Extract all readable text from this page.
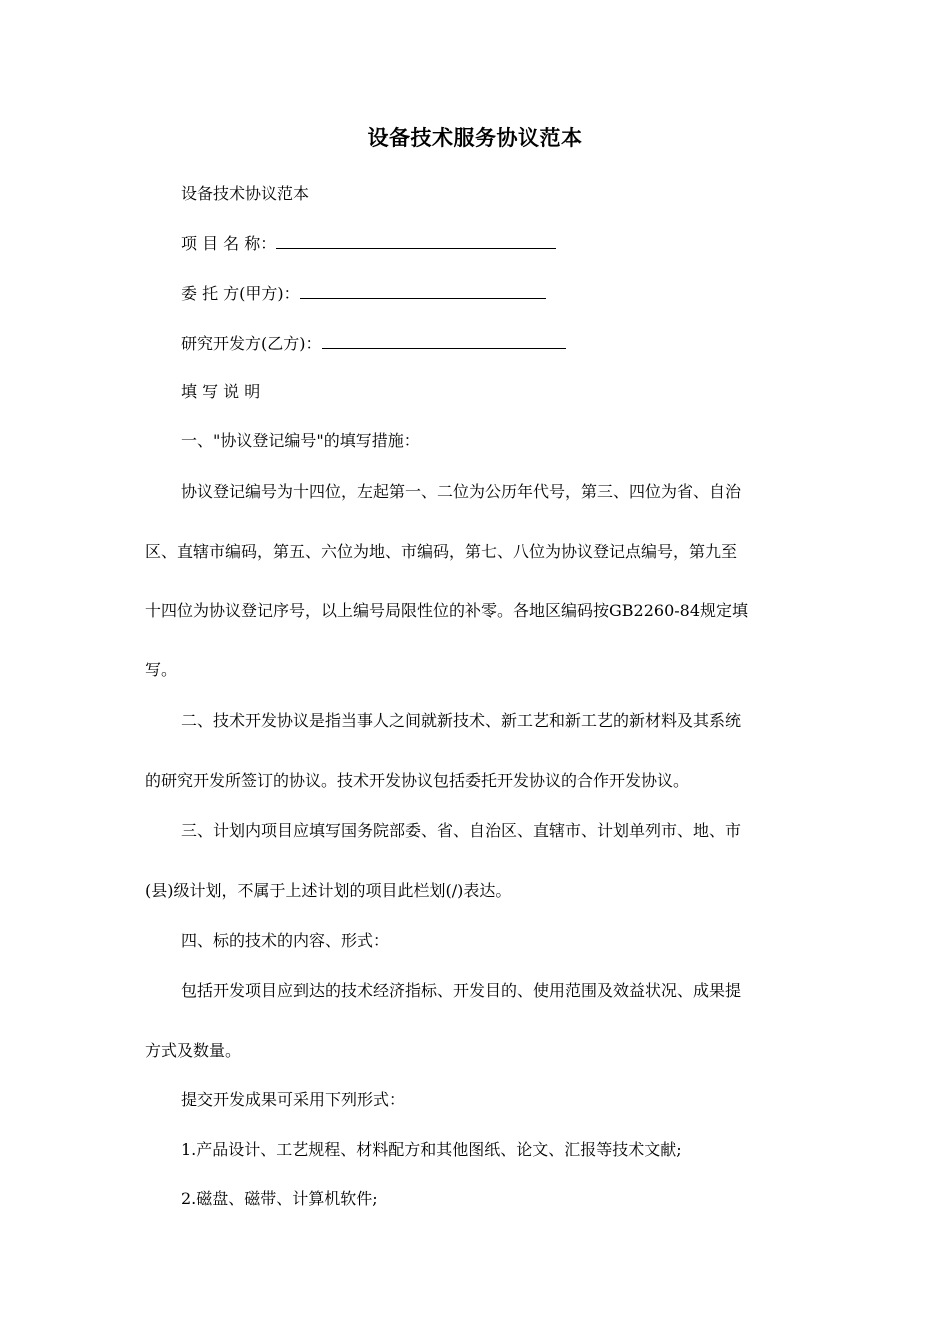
设备技术服务协议范本
设备技术协议范本
项 目 名 称：
委 托 方(甲方)：
研究开发方(乙方)：
填 写 说 明
一、"协议登记编号"的填写措施：
协议登记编号为十四位，左起第一、二位为公历年代号，第三、四位为省、自治
区、直辖市编码，第五、六位为地、市编码，第七、八位为协议登记点编号，第九至
十四位为协议登记序号，以上编号局限性位的补零。各地区编码按GB2260-84规定填
写。
二、技术开发协议是指当事人之间就新技术、新工艺和新工艺的新材料及其系统
的研究开发所签订的协议。技术开发协议包括委托开发协议的合作开发协议。
三、计划内项目应填写国务院部委、省、自治区、直辖市、计划单列市、地、市
(县)级计划，不属于上述计划的项目此栏划(/)表达。
四、标的技术的内容、形式：
包括开发项目应到达的技术经济指标、开发目的、使用范围及效益状况、成果提
方式及数量。
提交开发成果可采用下列形式：
1.产品设计、工艺规程、材料配方和其他图纸、论文、汇报等技术文献;
2.磁盘、磁带、计算机软件;
